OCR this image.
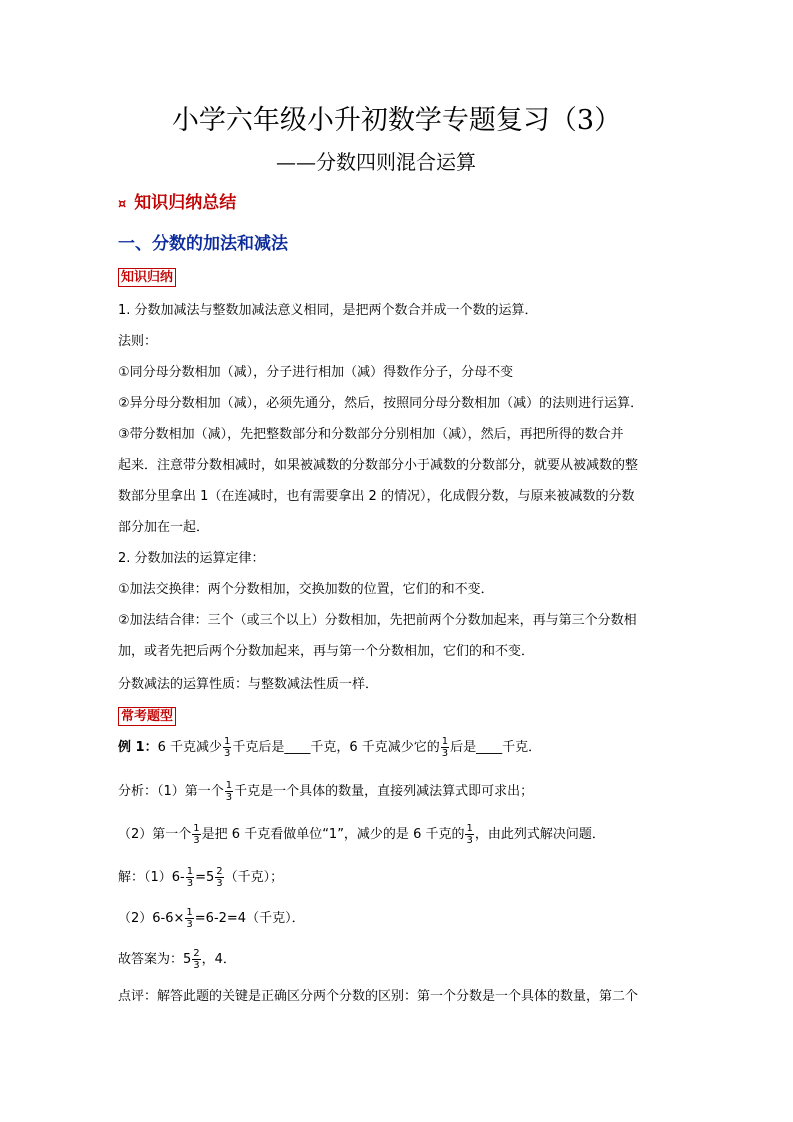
小学六年级小升初数学专题复习（3）
——分数四则混合运算
¤ 知识归纳总结
一、分数的加法和减法
知识归纳
1. 分数加减法与整数加减法意义相同，是把两个数合并成一个数的运算．
法则：
①同分母分数相加（减），分子进行相加（减）得数作分子，分母不变
②异分母分数相加（减），必须先通分，然后，按照同分母分数相加（减）的法则进行运算．
③带分数相加（减），先把整数部分和分数部分分别相加（减），然后，再把所得的数合并
起来．注意带分数相减时，如果被减数的分数部分小于减数的分数部分，就要从被减数的整
数部分里拿出 1（在连减时，也有需要拿出 2 的情况），化成假分数，与原来被减数的分数
部分加在一起．
2. 分数加法的运算定律：
①加法交换律：两个分数相加，交换加数的位置，它们的和不变．
②加法结合律：三个（或三个以上）分数相加，先把前两个分数加起来，再与第三个分数相
加，或者先把后两个分数加起来，再与第一个分数相加，它们的和不变．
分数减法的运算性质：与整数减法性质一样．
常考题型
例 1：6 千克减少 $\frac{1}{3}$ 千克后是____千克，6 千克减少它的 $\frac{1}{3}$ 后是____千克．
分析：（1）第一个 $\frac{1}{3}$ 千克是一个具体的数量，直接列减法算式即可求出；
（2）第一个 $\frac{1}{3}$ 是把 6 千克看做单位“1”，减少的是 6 千克的 $\frac{1}{3}$ ，由此列式解决问题．
解：$(1)6- \frac{1}{3} =5 \frac{2}{3}$ （千克）；
$(2)6-6\times \frac{1}{3} =6-2=4$（千克）．
故答案为：$5 \frac{2}{3}$ ，4．
点评：解答此题的关键是正确区分两个分数的区别：第一个分数是一个具体的数量，第二个
